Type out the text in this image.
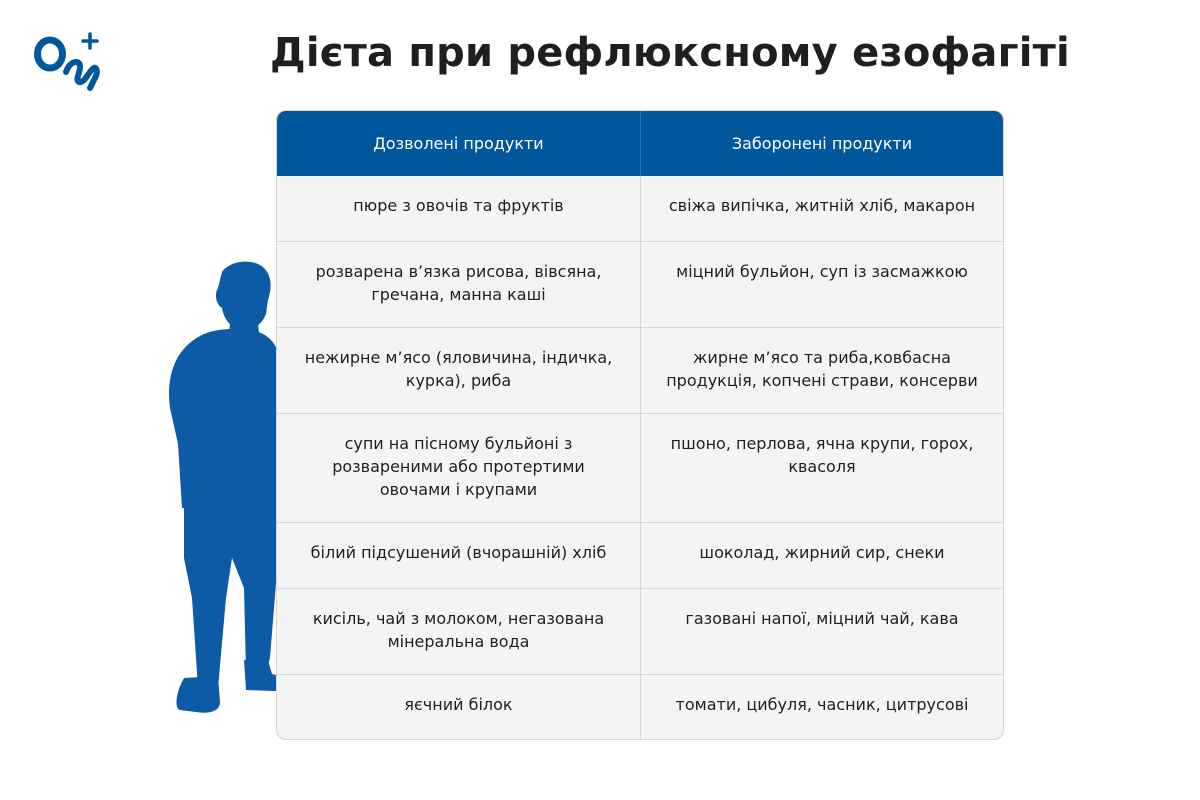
Дієта при рефлюксному езофагіті
Дозволені продукти	Заборонені продукти
пюре з овочів та фруктів	свіжа випічка, житній хліб, макарон
розварена в’язка рисова, вівсяна, гречана, манна каші	міцний бульйон, суп із засмажкою
нежирне м’ясо (яловичина, індичка, курка), риба	жирне м’ясо та риба,ковбасна продукція, копчені страви, консерви
супи на пісному бульйоні з розвареними або протертими овочами і крупами	пшоно, перлова, ячна крупи, горох, квасоля
білий підсушений (вчорашній) хліб	шоколад, жирний сир, снеки
кисіль, чай з молоком, негазована мінеральна вода	газовані напої, міцний чай, кава
яєчний білок	томати, цибуля, часник, цитрусові
